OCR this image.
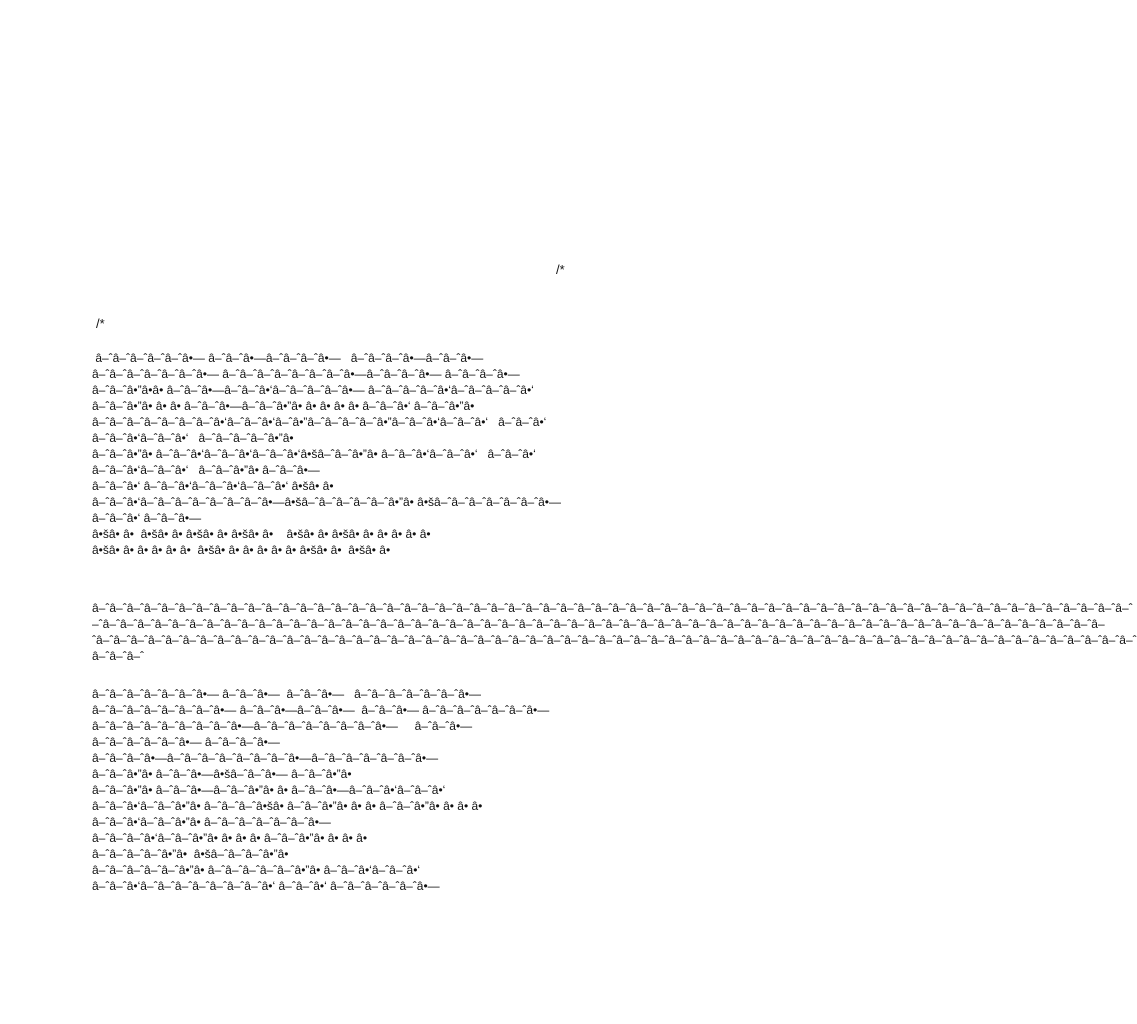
/*
/*
â–ˆâ–ˆâ–ˆâ–ˆâ–ˆâ•— â–ˆâ–ˆâ•—â–ˆâ–ˆâ–ˆâ•—   â–ˆâ–ˆâ–ˆâ•—â–ˆâ–ˆâ•—
â–ˆâ–ˆâ–ˆâ–ˆâ–ˆâ–ˆâ•— â–ˆâ–ˆâ–ˆâ–ˆâ–ˆâ–ˆâ–ˆâ•—â–ˆâ–ˆâ–ˆâ•— â–ˆâ–ˆâ–ˆâ•—
â–ˆâ–ˆâ•”â•â• â–ˆâ–ˆâ•—â–ˆâ–ˆâ•‘â–ˆâ–ˆâ–ˆâ–ˆâ•— â–ˆâ–ˆâ–ˆâ–ˆâ•‘â–ˆâ–ˆâ–ˆâ–ˆâ•‘
â–ˆâ–ˆâ•”â• â• â• â–ˆâ–ˆâ•—â–ˆâ–ˆâ•”â• â• â• â• â• â–ˆâ–ˆâ•‘ â–ˆâ–ˆâ•”â•
â–ˆâ–ˆâ–ˆâ–ˆâ–ˆâ–ˆâ–ˆâ•‘â–ˆâ–ˆâ•‘â–ˆâ•”â–ˆâ–ˆâ–ˆâ–ˆâ•”â–ˆâ–ˆâ•‘â–ˆâ–ˆâ•‘   â–ˆâ–ˆâ•‘
â–ˆâ–ˆâ•‘â–ˆâ–ˆâ•‘   â–ˆâ–ˆâ–ˆâ–ˆâ•”â•
â–ˆâ–ˆâ•”â• â–ˆâ–ˆâ•‘â–ˆâ–ˆâ•‘â–ˆâ–ˆâ•‘â•šâ–ˆâ–ˆâ•”â• â–ˆâ–ˆâ•‘â–ˆâ–ˆâ•‘   â–ˆâ–ˆâ•‘
â–ˆâ–ˆâ•‘â–ˆâ–ˆâ•‘   â–ˆâ–ˆâ•”â• â–ˆâ–ˆâ•—
â–ˆâ–ˆâ•‘ â–ˆâ–ˆâ•‘â–ˆâ–ˆâ•‘â–ˆâ–ˆâ•‘ â•šâ• â•
â–ˆâ–ˆâ•‘â–ˆâ–ˆâ–ˆâ–ˆâ–ˆâ–ˆâ–ˆâ•—â•šâ–ˆâ–ˆâ–ˆâ–ˆâ–ˆâ•”â• â•šâ–ˆâ–ˆâ–ˆâ–ˆâ–ˆâ–ˆâ•—
â–ˆâ–ˆâ•‘ â–ˆâ–ˆâ•—
â•šâ• â•  â•šâ• â• â•šâ• â• â•šâ• â•    â•šâ• â• â•šâ• â• â• â• â• â•
â•šâ• â• â• â• â• â•  â•šâ• â• â• â• â• â• â•šâ• â•  â•šâ• â•
â–ˆâ–ˆâ–ˆâ–ˆâ–ˆâ–ˆâ–ˆâ–ˆâ–ˆâ–ˆâ–ˆâ–ˆâ–ˆâ–ˆâ–ˆâ–ˆâ–ˆâ–ˆâ–ˆâ–ˆâ–ˆâ–ˆâ–ˆâ–ˆâ–ˆâ–ˆâ–ˆâ–ˆâ–ˆâ–ˆâ–ˆâ–ˆâ–ˆâ–ˆâ–ˆâ–ˆâ–ˆâ–ˆâ–ˆâ–ˆâ–ˆâ–ˆâ–ˆâ–ˆâ–ˆâ–ˆâ–ˆâ–ˆâ–ˆâ–ˆâ–ˆâ–ˆâ–ˆâ–ˆâ–ˆâ–ˆâ–ˆâ–ˆâ–ˆâ–ˆ
–ˆâ–ˆâ–ˆâ–ˆâ–ˆâ–ˆâ–ˆâ–ˆâ–ˆâ–ˆâ–ˆâ–ˆâ–ˆâ–ˆâ–ˆâ–ˆâ–ˆâ–ˆâ–ˆâ–ˆâ–ˆâ–ˆâ–ˆâ–ˆâ–ˆâ–ˆâ–ˆâ–ˆâ–ˆâ–ˆâ–ˆâ–ˆâ–ˆâ–ˆâ–ˆâ–ˆâ–ˆâ–ˆâ–ˆâ–ˆâ–ˆâ–ˆâ–ˆâ–ˆâ–ˆâ–ˆâ–ˆâ–ˆâ–ˆâ–ˆâ–ˆâ–ˆâ–ˆâ–ˆâ–ˆâ–ˆâ–ˆâ–ˆâ–
ˆâ–ˆâ–ˆâ–ˆâ–ˆâ–ˆâ–ˆâ–ˆâ–ˆâ–ˆâ–ˆâ–ˆâ–ˆâ–ˆâ–ˆâ–ˆâ–ˆâ–ˆâ–ˆâ–ˆâ–ˆâ–ˆâ–ˆâ–ˆâ–ˆâ–ˆâ–ˆâ–ˆâ–ˆâ–ˆâ–ˆâ–ˆâ–ˆâ–ˆâ–ˆâ–ˆâ–ˆâ–ˆâ–ˆâ–ˆâ–ˆâ–ˆâ–ˆâ–ˆâ–ˆâ–ˆâ–ˆâ–ˆâ–ˆâ–ˆâ–ˆâ–ˆâ–ˆâ–ˆâ–ˆâ–ˆâ–ˆâ–ˆâ–ˆâ–ˆâ–ˆ
â–ˆâ–ˆâ–ˆ
â–ˆâ–ˆâ–ˆâ–ˆâ–ˆâ–ˆâ•— â–ˆâ–ˆâ•—  â–ˆâ–ˆâ•—   â–ˆâ–ˆâ–ˆâ–ˆâ–ˆâ–ˆâ•—
â–ˆâ–ˆâ–ˆâ–ˆâ–ˆâ–ˆâ–ˆâ•— â–ˆâ–ˆâ•—â–ˆâ–ˆâ•—  â–ˆâ–ˆâ•— â–ˆâ–ˆâ–ˆâ–ˆâ–ˆâ–ˆâ•—
â–ˆâ–ˆâ–ˆâ–ˆâ–ˆâ–ˆâ–ˆâ–ˆâ•—â–ˆâ–ˆâ–ˆâ–ˆâ–ˆâ–ˆâ–ˆâ•—     â–ˆâ–ˆâ•—
â–ˆâ–ˆâ–ˆâ–ˆâ–ˆâ•— â–ˆâ–ˆâ–ˆâ•—
â–ˆâ–ˆâ–ˆâ•—â–ˆâ–ˆâ–ˆâ–ˆâ–ˆâ–ˆâ–ˆâ•—â–ˆâ–ˆâ–ˆâ–ˆâ–ˆâ–ˆâ•—
â–ˆâ–ˆâ•”â• â–ˆâ–ˆâ•—â•šâ–ˆâ–ˆâ•— â–ˆâ–ˆâ•”â•
â–ˆâ–ˆâ•”â• â–ˆâ–ˆâ•—â–ˆâ–ˆâ•”â• â• â–ˆâ–ˆâ•—â–ˆâ–ˆâ•‘â–ˆâ–ˆâ•‘
â–ˆâ–ˆâ•‘â–ˆâ–ˆâ•”â• â–ˆâ–ˆâ–ˆâ•šâ• â–ˆâ–ˆâ•”â• â• â• â–ˆâ–ˆâ•”â• â• â• â•
â–ˆâ–ˆâ•‘â–ˆâ–ˆâ•”â• â–ˆâ–ˆâ–ˆâ–ˆâ–ˆâ–ˆâ•—
â–ˆâ–ˆâ–ˆâ•‘â–ˆâ–ˆâ•”â• â• â• â• â–ˆâ–ˆâ•”â• â• â• â•
â–ˆâ–ˆâ–ˆâ–ˆâ•”â•  â•šâ–ˆâ–ˆâ–ˆâ•”â•
â–ˆâ–ˆâ–ˆâ–ˆâ–ˆâ•”â• â–ˆâ–ˆâ–ˆâ–ˆâ–ˆâ•”â• â–ˆâ–ˆâ•‘â–ˆâ–ˆâ•‘
â–ˆâ–ˆâ•‘â–ˆâ–ˆâ–ˆâ–ˆâ–ˆâ–ˆâ–ˆâ•‘ â–ˆâ–ˆâ•‘ â–ˆâ–ˆâ–ˆâ–ˆâ–ˆâ•—
